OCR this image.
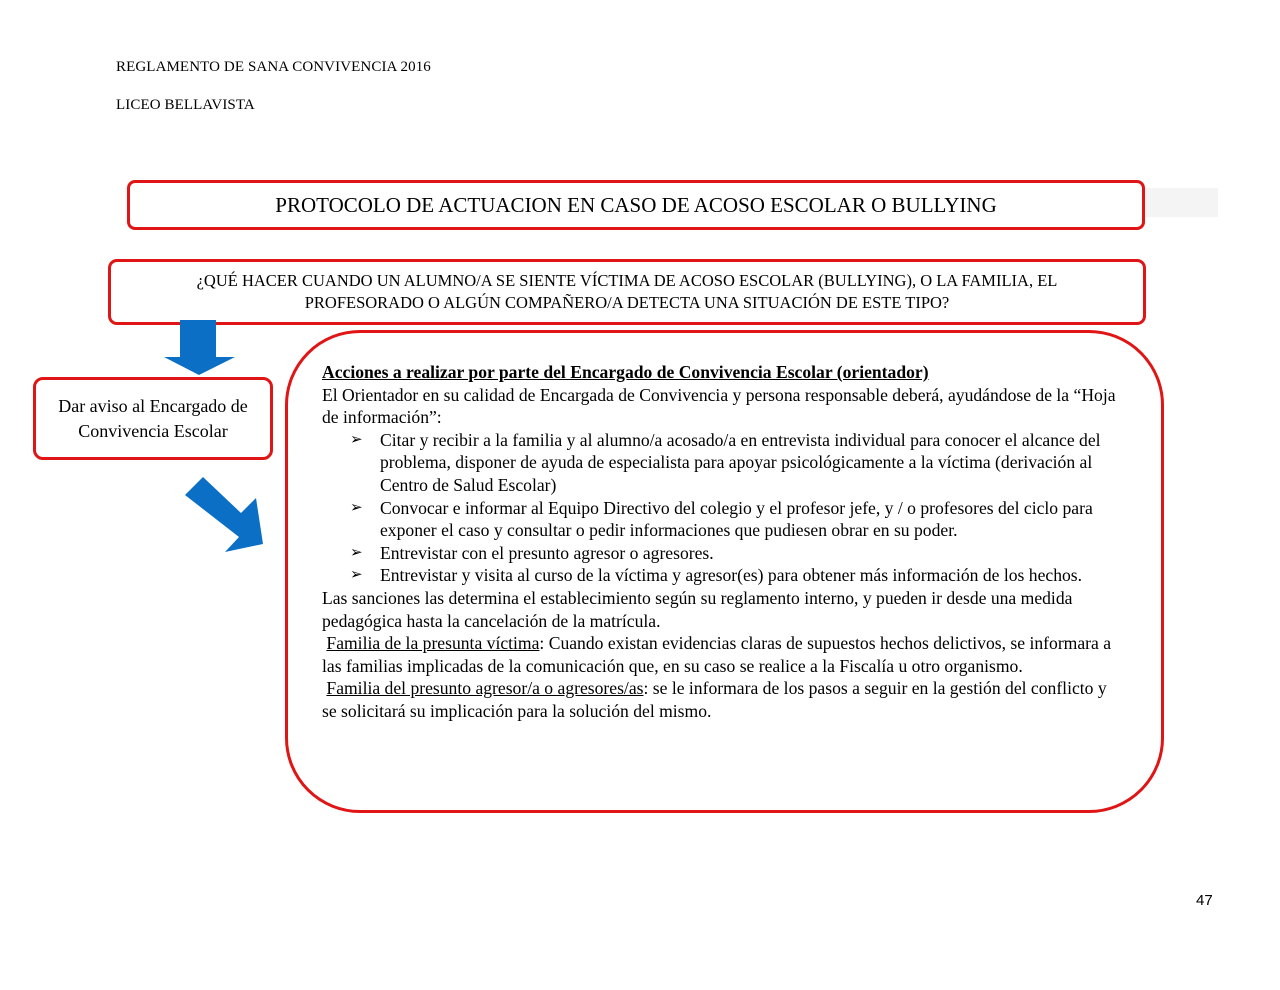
REGLAMENTO DE SANA CONVIVENCIA 2016
LICEO BELLAVISTA
PROTOCOLO DE ACTUACION EN CASO DE ACOSO ESCOLAR O BULLYING
¿QUÉ HACER CUANDO UN ALUMNO/A SE SIENTE VÍCTIMA DE ACOSO ESCOLAR (BULLYING), O LA FAMILIA, EL PROFESORADO O ALGÚN COMPAÑERO/A DETECTA UNA SITUACIÓN DE ESTE TIPO?
Dar aviso al Encargado de Convivencia Escolar

Acciones a realizar por parte del Encargado de Convivencia Escolar (orientador)

El Orientador en su calidad de Encargada de Convivencia y persona responsable deberá, ayudándose de la “Hoja de información”:

➢ Citar y recibir a la familia y al alumno/a acosado/a en entrevista individual para conocer el alcance del problema, disponer de ayuda de especialista para apoyar psicológicamente a la víctima (derivación al Centro de Salud Escolar)
➢ Convocar e informar al Equipo Directivo del colegio y el profesor jefe, y / o profesores del ciclo para exponer el caso y consultar o pedir informaciones que pudiesen obrar en su poder.
➢ Entrevistar con el presunto agresor o agresores.
➢ Entrevistar y visita al curso de la víctima y agresor(es) para obtener más información de los hechos.

Las sanciones las determina el establecimiento según su reglamento interno, y pueden ir desde una medida pedagógica hasta la cancelación de la matrícula.

Familia de la presunta víctima: Cuando existan evidencias claras de supuestos hechos delictivos, se informara a las familias implicadas de la comunicación que, en su caso se realice a la Fiscalía u otro organismo.

Familia del presunto agresor/a o agresores/as: se le informara de los pasos a seguir en la gestión del conflicto y se solicitará su implicación para la solución del mismo.

47
